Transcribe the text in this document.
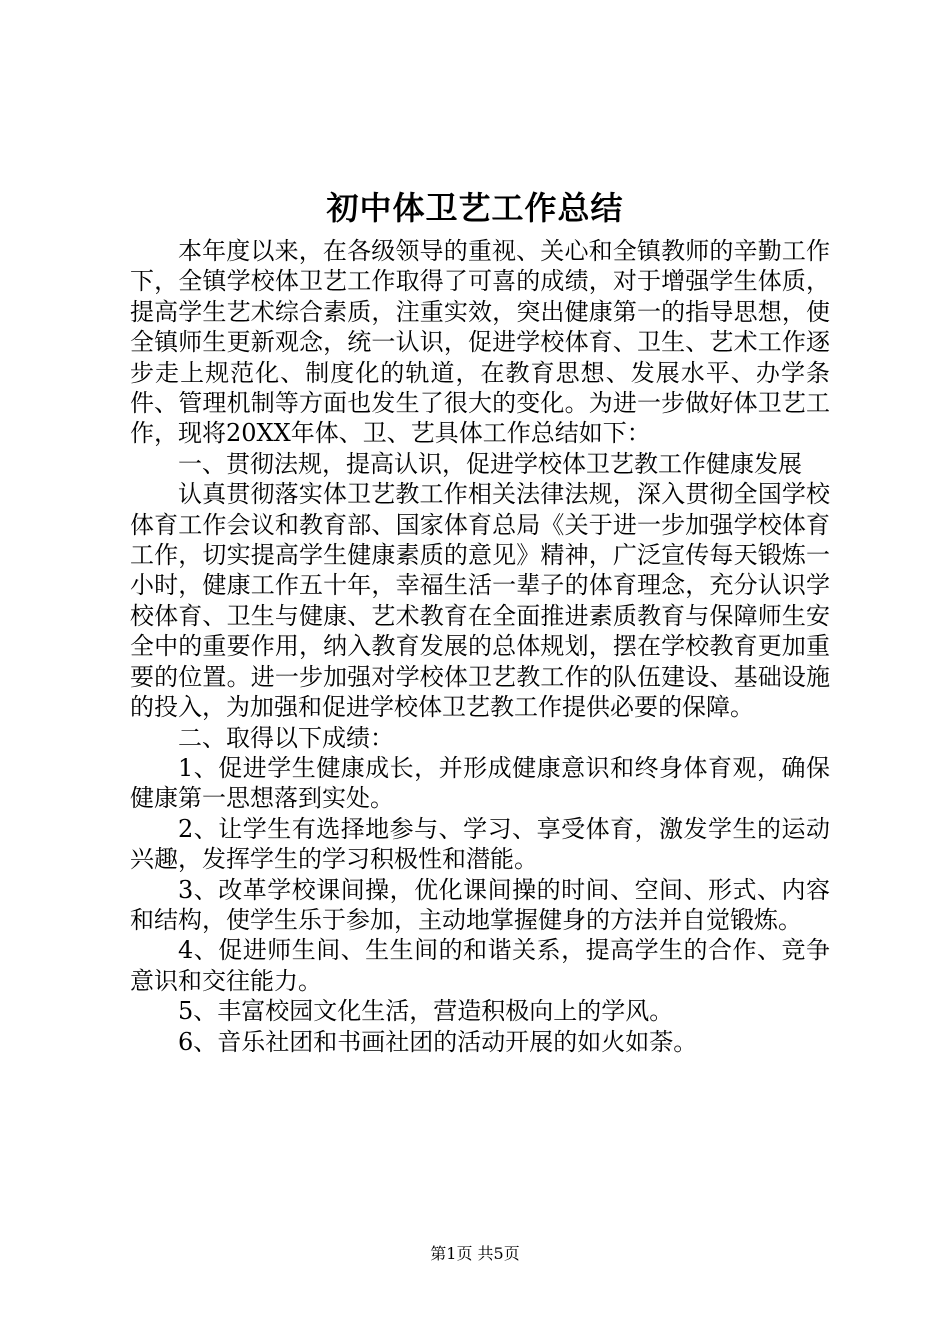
初中体卫艺工作总结

本年度以来，在各级领导的重视、关心和全镇教师的辛勤工作下，全镇学校体卫艺工作取得了可喜的成绩，对于增强学生体质，提高学生艺术综合素质，注重实效，突出健康第一的指导思想，使全镇师生更新观念，统一认识，促进学校体育、卫生、艺术工作逐步走上规范化、制度化的轨道，在教育思想、发展水平、办学条件、管理机制等方面也发生了很大的变化。为进一步做好体卫艺工作，现将20XX年体、卫、艺具体工作总结如下：

一、贯彻法规，提高认识，促进学校体卫艺教工作健康发展

认真贯彻落实体卫艺教工作相关法律法规，深入贯彻全国学校体育工作会议和教育部、国家体育总局《关于进一步加强学校体育工作，切实提高学生健康素质的意见》精神，广泛宣传每天锻炼一小时，健康工作五十年，幸福生活一辈子的体育理念，充分认识学校体育、卫生与健康、艺术教育在全面推进素质教育与保障师生安全中的重要作用，纳入教育发展的总体规划，摆在学校教育更加重要的位置。进一步加强对学校体卫艺教工作的队伍建设、基础设施的投入，为加强和促进学校体卫艺教工作提供必要的保障。

二、取得以下成绩：

1、促进学生健康成长，并形成健康意识和终身体育观，确保健康第一思想落到实处。

2、让学生有选择地参与、学习、享受体育，激发学生的运动兴趣，发挥学生的学习积极性和潜能。

3、改革学校课间操，优化课间操的时间、空间、形式、内容和结构，使学生乐于参加，主动地掌握健身的方法并自觉锻炼。

4、促进师生间、生生间的和谐关系，提高学生的合作、竞争意识和交往能力。

5、丰富校园文化生活，营造积极向上的学风。

6、音乐社团和书画社团的活动开展的如火如荼。

第1页 共5页
